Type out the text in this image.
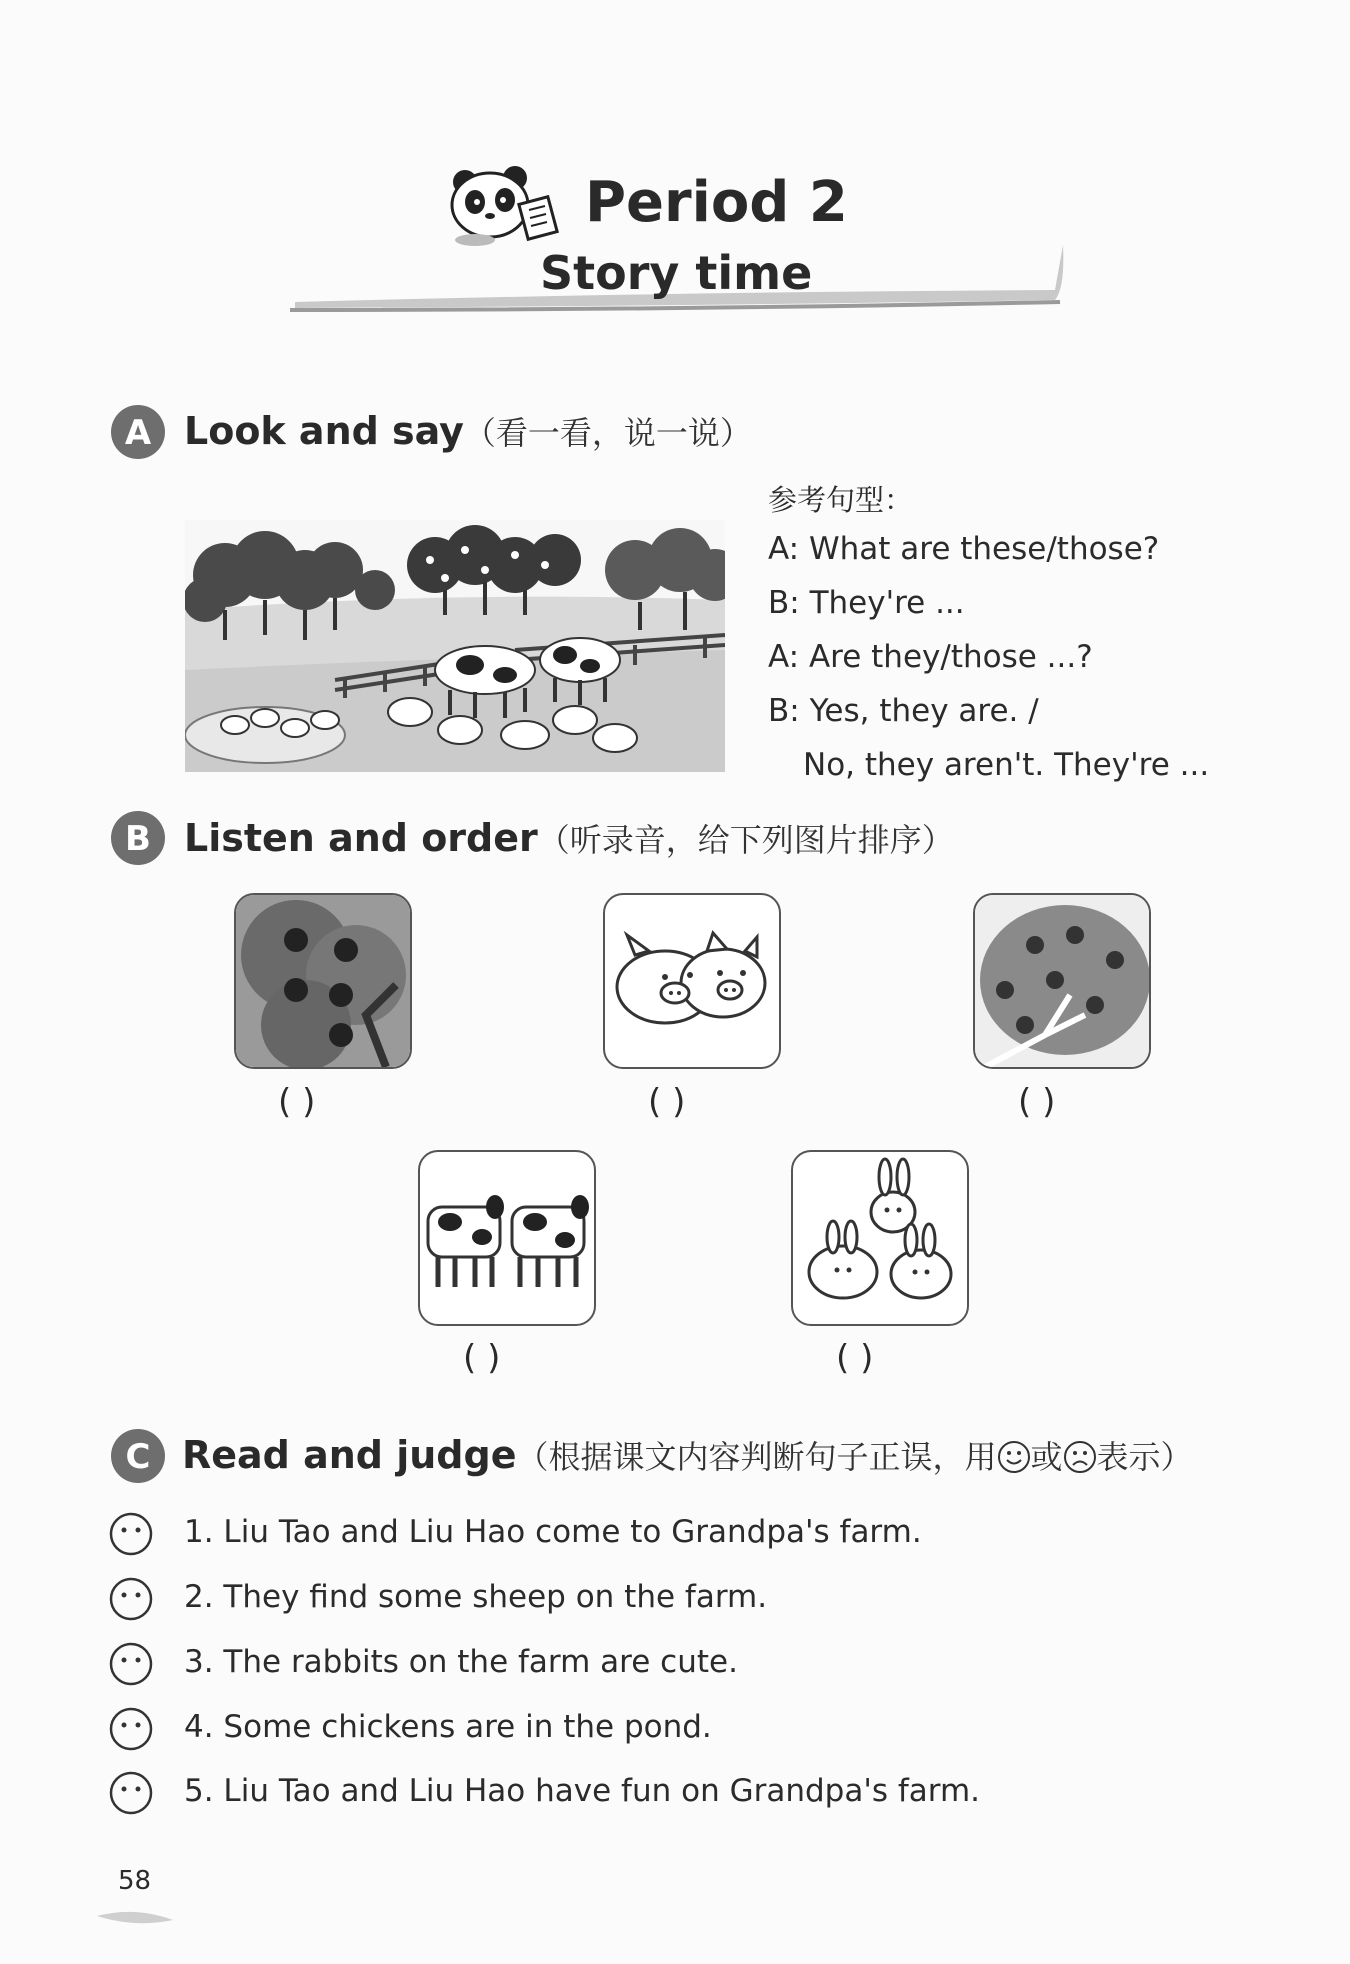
Period 2
Story time
A Look and say（看一看，说一说）
参考句型：
A: What are these/those?
B: They're ...
A: Are they/those ...?
B: Yes, they are. /
No, they aren't. They're ...
B Listen and order（听录音，给下列图片排序）
( )	( )	( )
( )	( )
C Read and judge（根据课文内容判断句子正误，用 或 表示）
1. Liu Tao and Liu Hao come to Grandpa's farm.
2. They find some sheep on the farm.
3. The rabbits on the farm are cute.
4. Some chickens are in the pond.
5. Liu Tao and Liu Hao have fun on Grandpa's farm.
58
